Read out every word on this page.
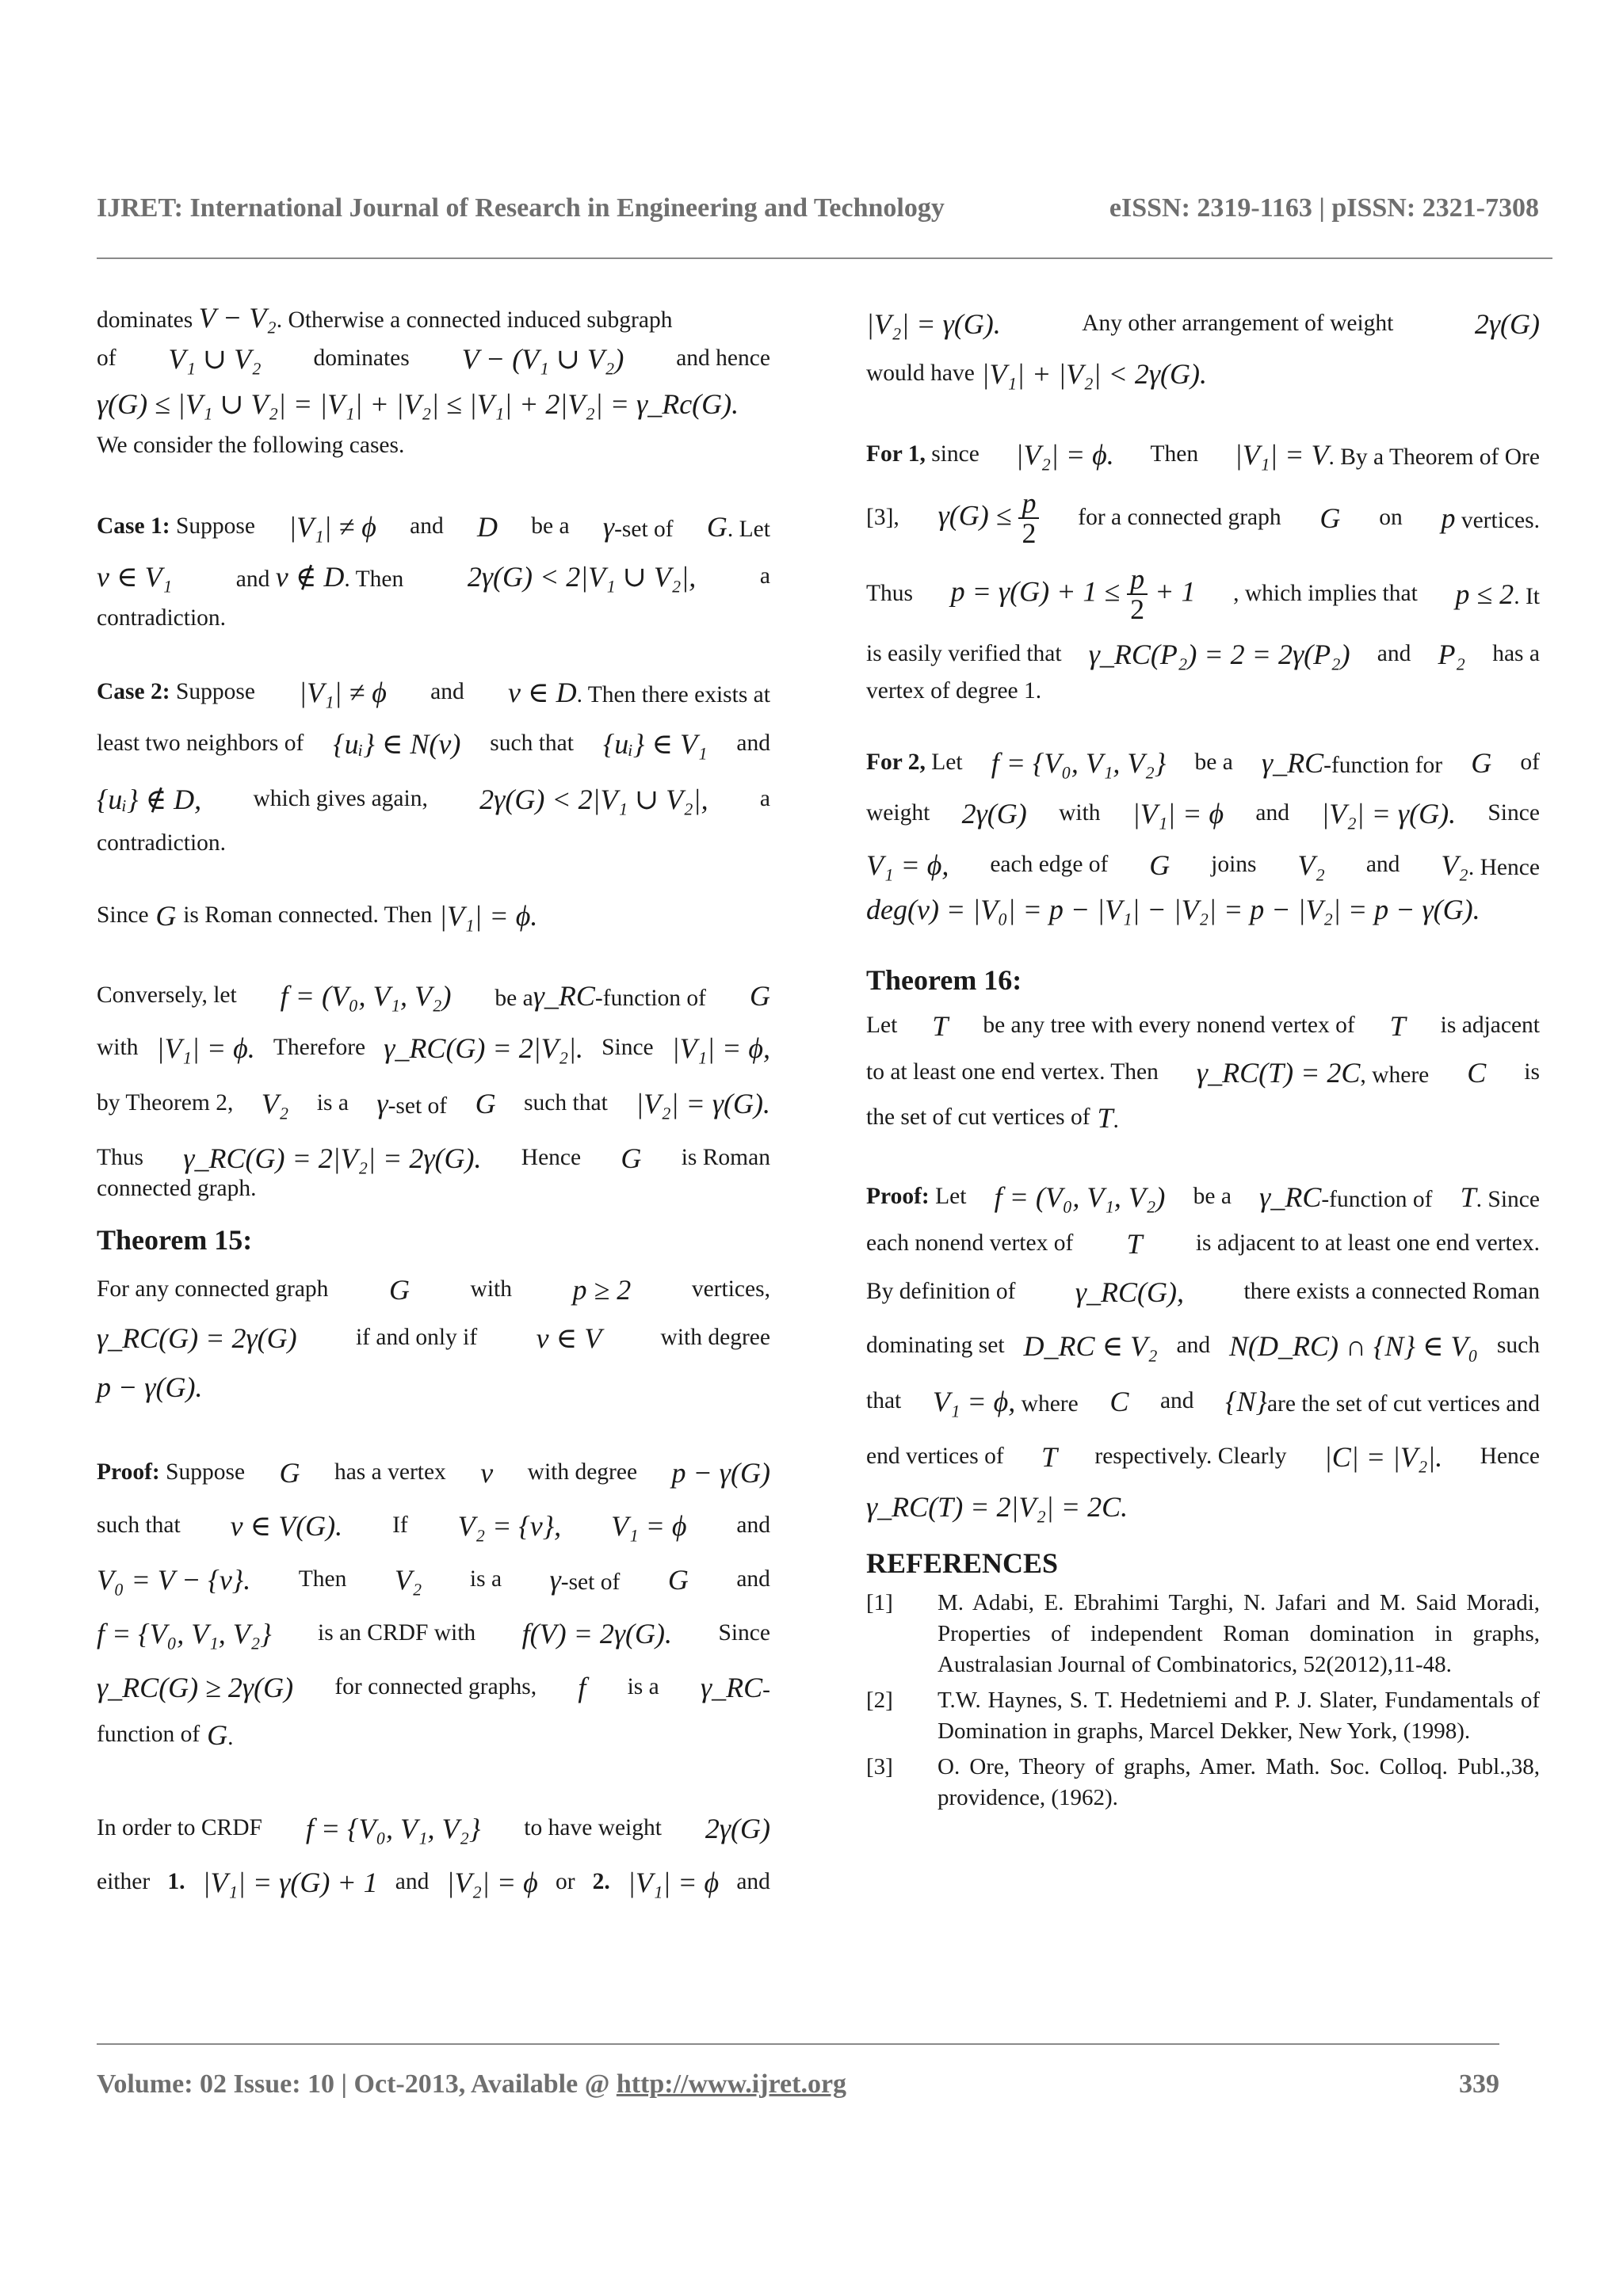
IJRET: International Journal of Research in Engineering and Technology	eISSN: 2319-1163 | pISSN: 2321-7308
dominates V − V₂. Otherwise a connected induced subgraph
of V₁ ∪ V₂ dominates V − (V₁ ∪ V₂) and hence
γ(G) ≤ |V₁ ∪ V₂| = |V₁| + |V₂| ≤ |V₁| + 2|V₂| = γ_Rc(G).
We consider the following cases.
Case 1: Suppose |V₁| ≠ ϕ and D be a γ-set of G. Let
v ∈ V₁	and v ∉ D. Then 2γ(G) < 2|V₁ ∪ V₂|,	a
contradiction.
Case 2: Suppose |V₁| ≠ ϕ and v ∈ D. Then there exists at
least two neighbors of {uᵢ} ∈ N(v) such that {uᵢ} ∈ V₁ and
{uᵢ} ∉ D, which gives again, 2γ(G) < 2|V₁ ∪ V₂|, a
contradiction.
Since G is Roman connected. Then |V₁| = ϕ.
Conversely, let f = (V₀, V₁, V₂) be aγ_RC-function of G
with |V₁| = ϕ. Therefore γ_RC(G) = 2|V₂|. Since |V₁| = ϕ,
by Theorem 2, V₂ is a γ-set of G such that |V₂| = γ(G).
Thus γ_RC(G) = 2|V₂| = 2γ(G). Hence G is Roman
connected graph.
Theorem 15:
For any connected graph G	with p ≥ 2	vertices,
γ_RC(G) = 2γ(G)	if and only if v ∈ V	with degree
p − γ(G).
Proof: Suppose G has a vertex v with degree p − γ(G)
such that v ∈ V(G). If V₂ = {v}, V₁ = ϕ and
V₀ = V − {v}. Then V₂ is a γ-set of G and
f = {V₀, V₁, V₂} is an CRDF with f(V) = 2γ(G). Since
γ_RC(G) ≥ 2γ(G) for connected graphs, f is a γ_RC-
function of G.
In order to CRDF f = {V₀, V₁, V₂} to have weight 2γ(G)
either 1. |V₁| = γ(G) + 1 and |V₂| = ϕ or 2. |V₁| = ϕ and
|V₂| = γ(G).	Any other arrangement of weight	2γ(G)
would have |V₁| + |V₂| < 2γ(G).
For 1, since |V₂| = ϕ. Then |V₁| = V. By a Theorem of Ore
[3], $\gamma(G) \le \frac{p}{2}$ for a connected graph G on p vertices.
Thus $p = \gamma(G) + 1 \le \frac{p}{2} + 1$ , which implies that p ≤ 2. It
is easily verified that γ_RC(P₂) = 2 = 2γ(P₂) and P₂ has a
vertex of degree 1.
For 2, Let f = {V₀, V₁, V₂} be a γ_RC-function for G of
weight 2γ(G) with |V₁| = ϕ and |V₂| = γ(G). Since
V₁ = ϕ, each edge of G joins V₂ and V₂. Hence
deg(v) = |V₀| = p − |V₁| − |V₂| = p − |V₂| = p − γ(G).
Theorem 16:
Let T be any tree with every nonend vertex of T is adjacent
to at least one end vertex. Then γ_RC(T) = 2C, where C is
the set of cut vertices of T.
Proof: Let f = (V₀, V₁, V₂) be a γ_RC-function of T. Since
each nonend vertex of T is adjacent to at least one end vertex.
By definition of γ_RC(G),	there exists a connected Roman
dominating set D_RC ∈ V₂ and N(D_RC) ∩ {N} ∈ V₀ such
that V₁ = ϕ, where C and {N}are the set of cut vertices and
end vertices of T respectively. Clearly |C| = |V₂|. Hence
γ_RC(T) = 2|V₂| = 2C.
REFERENCES
[1]	M. Adabi, E. Ebrahimi Targhi, N. Jafari and M. Said Moradi, Properties of independent Roman domination in graphs, Australasian Journal of Combinatorics, 52(2012),11-48.
[2]	T.W. Haynes, S. T. Hedetniemi and P. J. Slater, Fundamentals of Domination in graphs, Marcel Dekker, New York, (1998).
[3]	O. Ore, Theory of graphs, Amer. Math. Soc. Colloq. Publ.,38, providence, (1962).
Volume: 02 Issue: 10 | Oct-2013, Available @ http://www.ijret.org	339
